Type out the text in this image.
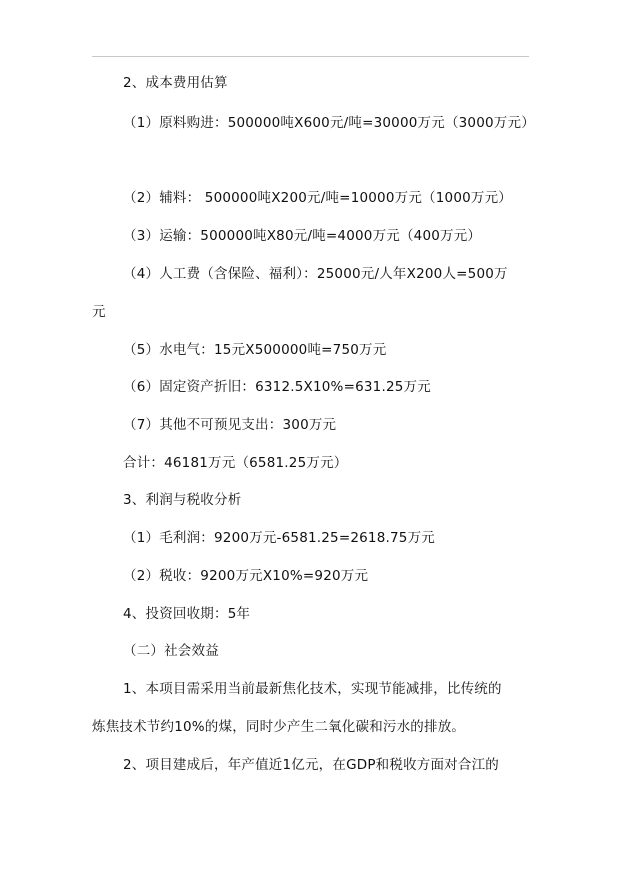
2、成本费用估算
（1）原料购进：500000吨X600元/吨=30000万元（3000万元）
（2）辅料： 500000吨X200元/吨=10000万元（1000万元）
（3）运输：500000吨X80元/吨=4000万元（400万元）
（4）人工费（含保险、福利）：25000元/人年X200人=500万
元
（5）水电气：15元X500000吨=750万元
（6）固定资产折旧：6312.5X10%=631.25万元
（7）其他不可预见支出：300万元
合计：46181万元（6581.25万元）
3、利润与税收分析
（1）毛利润：9200万元-6581.25=2618.75万元
（2）税收：9200万元X10%=920万元
4、投资回收期：5年
（二）社会效益
1、本项目需采用当前最新焦化技术，实现节能减排，比传统的
炼焦技术节约10%的煤，同时少产生二氧化碳和污水的排放。
2、项目建成后，年产值近1亿元，在GDP和税收方面对合江的
